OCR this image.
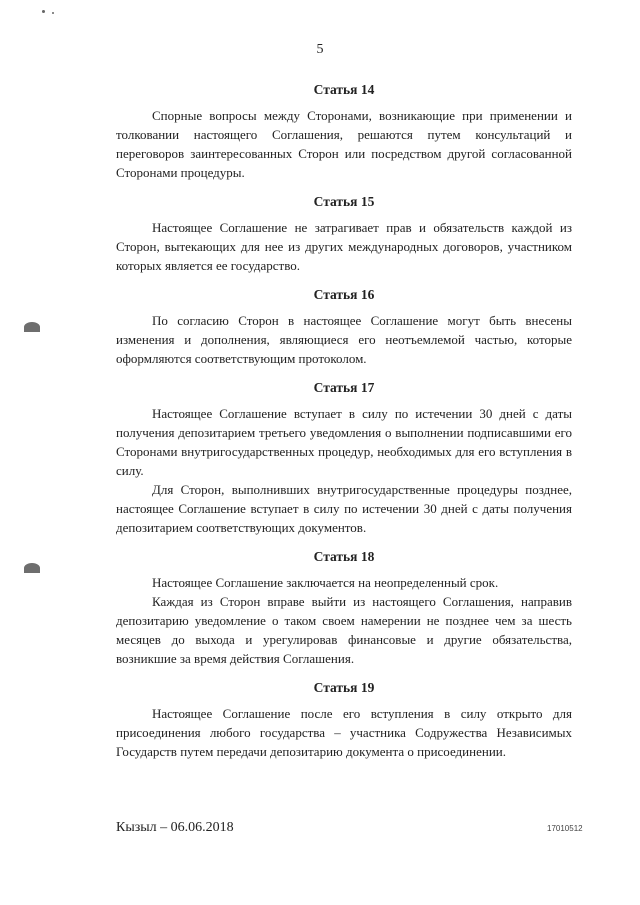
5
Статья 14

Спорные вопросы между Сторонами, возникающие при применении и толковании настоящего Соглашения, решаются путем консультаций и переговоров заинтересованных Сторон или посредством другой согласованной Сторонами процедуры.

Статья 15

Настоящее Соглашение не затрагивает прав и обязательств каждой из Сторон, вытекающих для нее из других международных договоров, участником которых является ее государство.

Статья 16

По согласию Сторон в настоящее Соглашение могут быть внесены изменения и дополнения, являющиеся его неотъемлемой частью, которые оформляются соответствующим протоколом.

Статья 17

Настоящее Соглашение вступает в силу по истечении 30 дней с даты получения депозитарием третьего уведомления о выполнении подписавшими его Сторонами внутригосударственных процедур, необходимых для его вступления в силу.

Для Сторон, выполнивших внутригосударственные процедуры позднее, настоящее Соглашение вступает в силу по истечении 30 дней с даты получения депозитарием соответствующих документов.

Статья 18

Настоящее Соглашение заключается на неопределенный срок.

Каждая из Сторон вправе выйти из настоящего Соглашения, направив депозитарию уведомление о таком своем намерении не позднее чем за шесть месяцев до выхода и урегулировав финансовые и другие обязательства, возникшие за время действия Соглашения.

Статья 19

Настоящее Соглашение после его вступления в силу открыто для присоединения любого государства – участника Содружества Независимых Государств путем передачи депозитарию документа о присоединении.

Кызыл – 06.06.2018	17010512
